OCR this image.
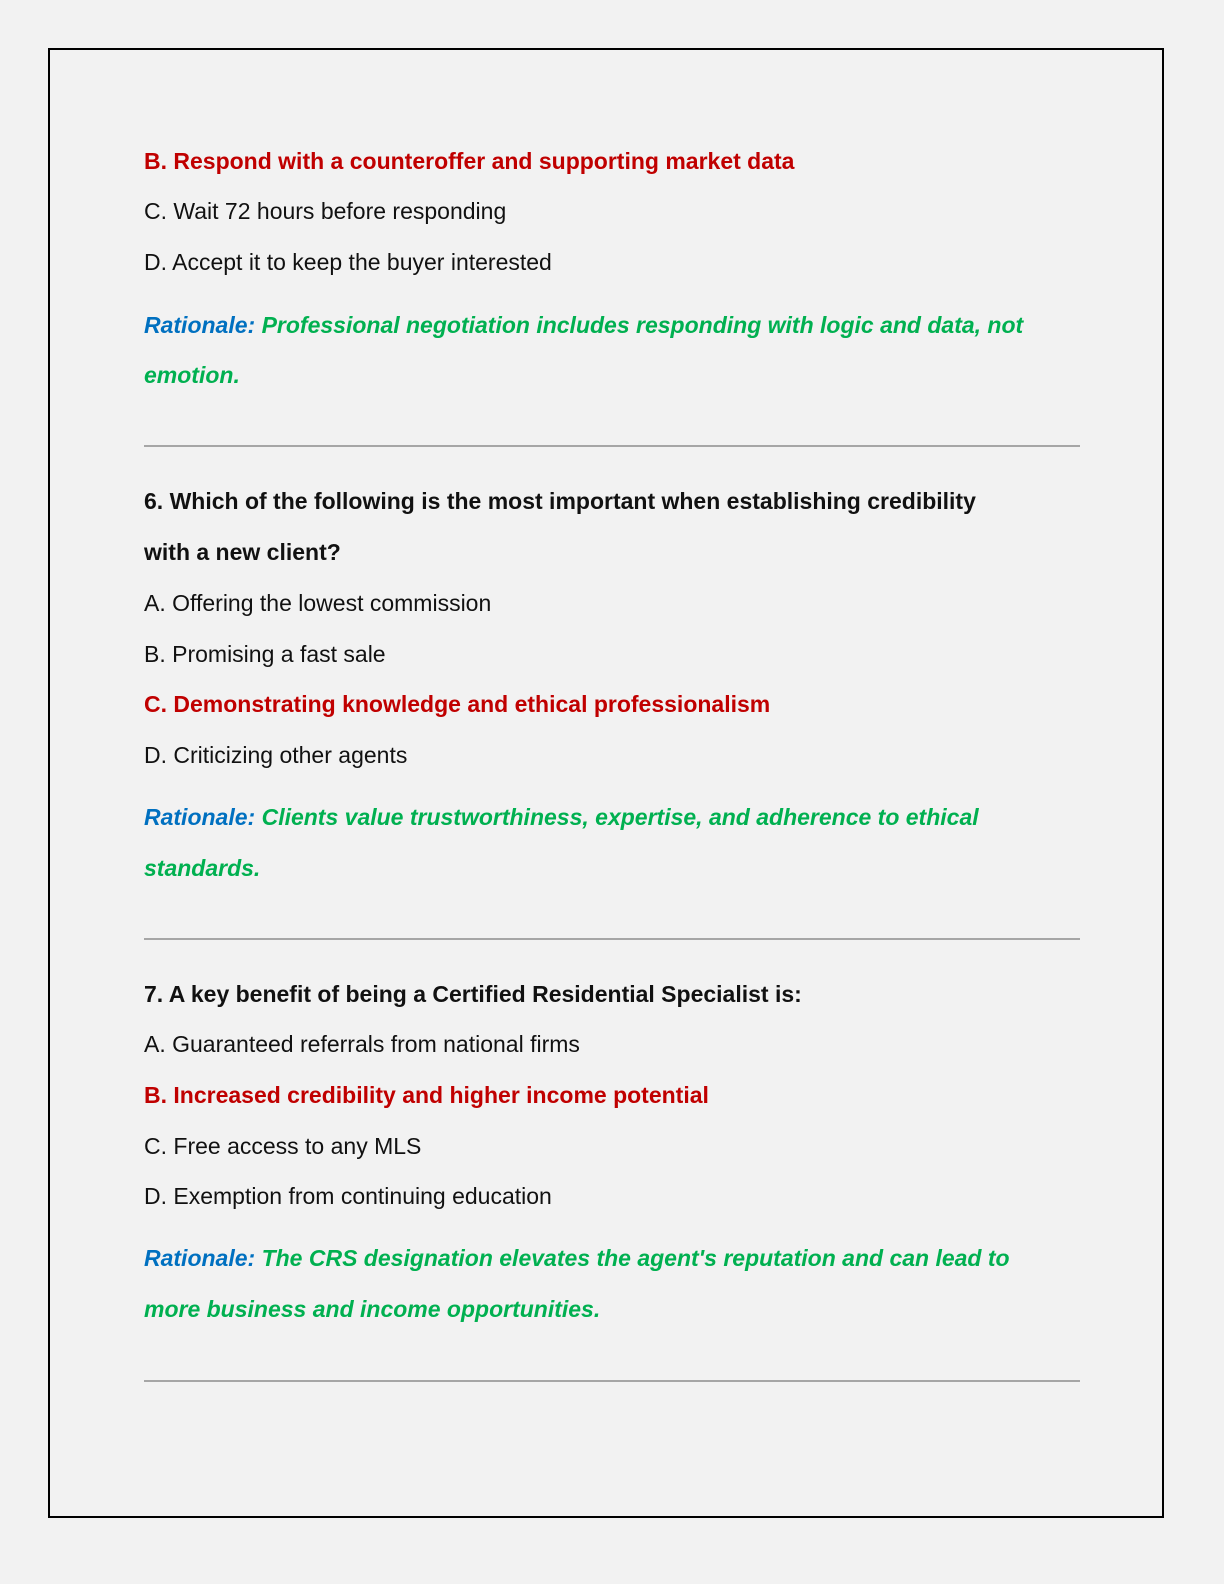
B. Respond with a counteroffer and supporting market data
C. Wait 72 hours before responding
D. Accept it to keep the buyer interested
Rationale: Professional negotiation includes responding with logic and data, not
emotion.
6. Which of the following is the most important when establishing credibility
with a new client?
A. Offering the lowest commission
B. Promising a fast sale
C. Demonstrating knowledge and ethical professionalism
D. Criticizing other agents
Rationale: Clients value trustworthiness, expertise, and adherence to ethical
standards.
7. A key benefit of being a Certified Residential Specialist is:
A. Guaranteed referrals from national firms
B. Increased credibility and higher income potential
C. Free access to any MLS
D. Exemption from continuing education
Rationale: The CRS designation elevates the agent's reputation and can lead to
more business and income opportunities.
